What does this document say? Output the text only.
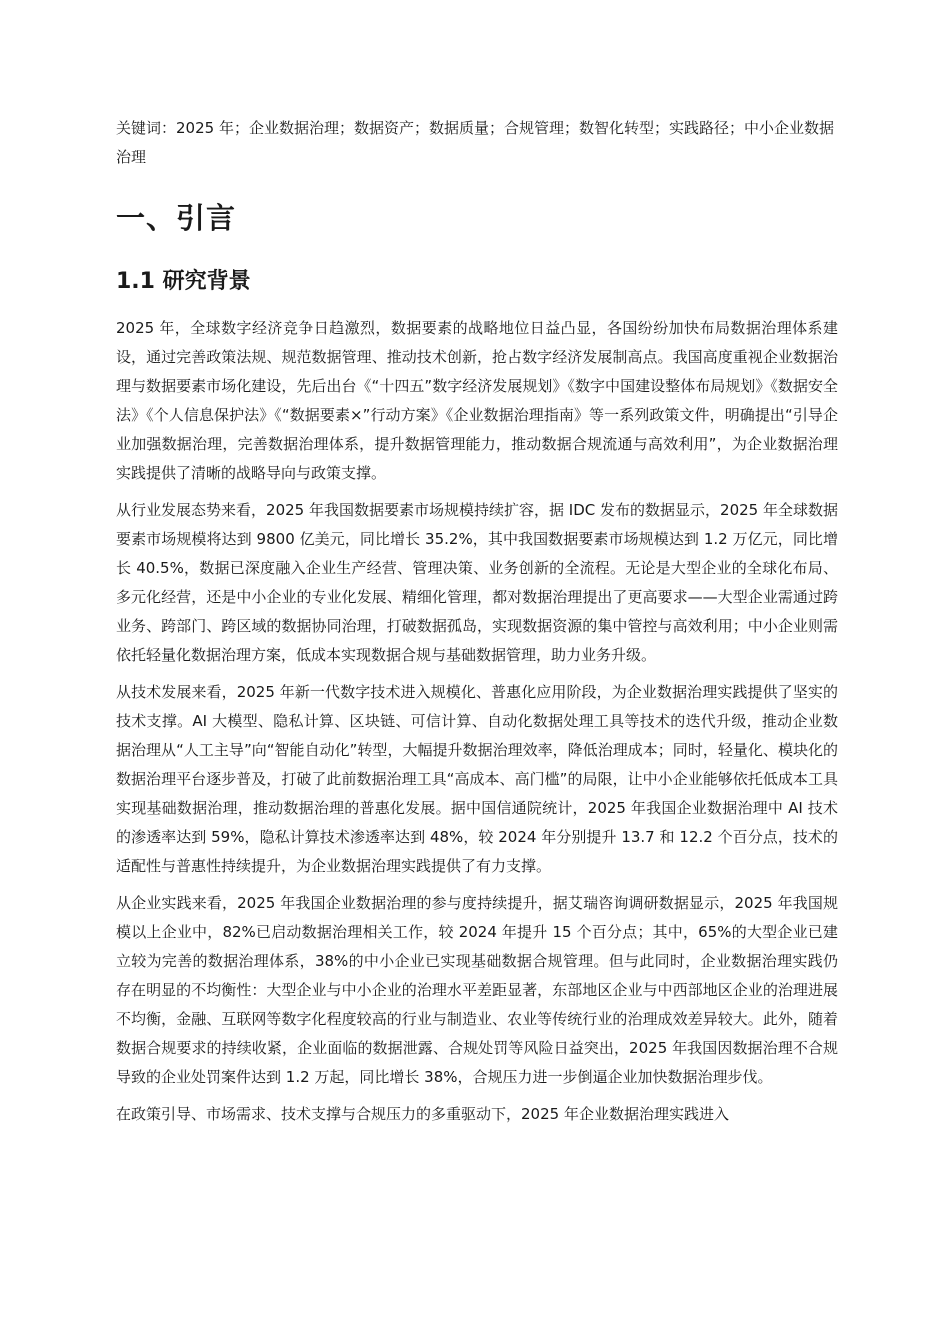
关键词：2025 年；企业数据治理；数据资产；数据质量；合规管理；数智化转型；实践路径；中小企业数据治理

一、引言
1.1 研究背景

2025 年，全球数字经济竞争日趋激烈，数据要素的战略地位日益凸显，各国纷纷加快布局数据治理体系建设，通过完善政策法规、规范数据管理、推动技术创新，抢占数字经济发展制高点。我国高度重视企业数据治理与数据要素市场化建设，先后出台《“十四五”数字经济发展规划》《数字中国建设整体布局规划》《数据安全法》《个人信息保护法》《“数据要素×”行动方案》《企业数据治理指南》等一系列政策文件，明确提出“引导企业加强数据治理，完善数据治理体系，提升数据管理能力，推动数据合规流通与高效利用”，为企业数据治理实践提供了清晰的战略导向与政策支撑。

从行业发展态势来看，2025 年我国数据要素市场规模持续扩容，据 IDC 发布的数据显示，2025 年全球数据要素市场规模将达到 9800 亿美元，同比增长 35.2%，其中我国数据要素市场规模达到 1.2 万亿元，同比增长 40.5%，数据已深度融入企业生产经营、管理决策、业务创新的全流程。无论是大型企业的全球化布局、多元化经营，还是中小企业的专业化发展、精细化管理，都对数据治理提出了更高要求——大型企业需通过跨业务、跨部门、跨区域的数据协同治理，打破数据孤岛，实现数据资源的集中管控与高效利用；中小企业则需依托轻量化数据治理方案，低成本实现数据合规与基础数据管理，助力业务升级。

从技术发展来看，2025 年新一代数字技术进入规模化、普惠化应用阶段，为企业数据治理实践提供了坚实的技术支撑。AI 大模型、隐私计算、区块链、可信计算、自动化数据处理工具等技术的迭代升级，推动企业数据治理从“人工主导”向“智能自动化”转型，大幅提升数据治理效率，降低治理成本；同时，轻量化、模块化的数据治理平台逐步普及，打破了此前数据治理工具“高成本、高门槛”的局限，让中小企业能够依托低成本工具实现基础数据治理，推动数据治理的普惠化发展。据中国信通院统计，2025 年我国企业数据治理中 AI 技术的渗透率达到 59%，隐私计算技术渗透率达到 48%，较 2024 年分别提升 13.7 和 12.2 个百分点，技术的适配性与普惠性持续提升，为企业数据治理实践提供了有力支撑。

从企业实践来看，2025 年我国企业数据治理的参与度持续提升，据艾瑞咨询调研数据显示，2025 年我国规模以上企业中，82%已启动数据治理相关工作，较 2024 年提升 15 个百分点；其中，65%的大型企业已建立较为完善的数据治理体系，38%的中小企业已实现基础数据合规管理。但与此同时，企业数据治理实践仍存在明显的不均衡性：大型企业与中小企业的治理水平差距显著，东部地区企业与中西部地区企业的治理进展不均衡，金融、互联网等数字化程度较高的行业与制造业、农业等传统行业的治理成效差异较大。此外，随着数据合规要求的持续收紧，企业面临的数据泄露、合规处罚等风险日益突出，2025 年我国因数据治理不合规导致的企业处罚案件达到 1.2 万起，同比增长 38%，合规压力进一步倒逼企业加快数据治理步伐。

在政策引导、市场需求、技术支撑与合规压力的多重驱动下，2025 年企业数据治理实践进入
